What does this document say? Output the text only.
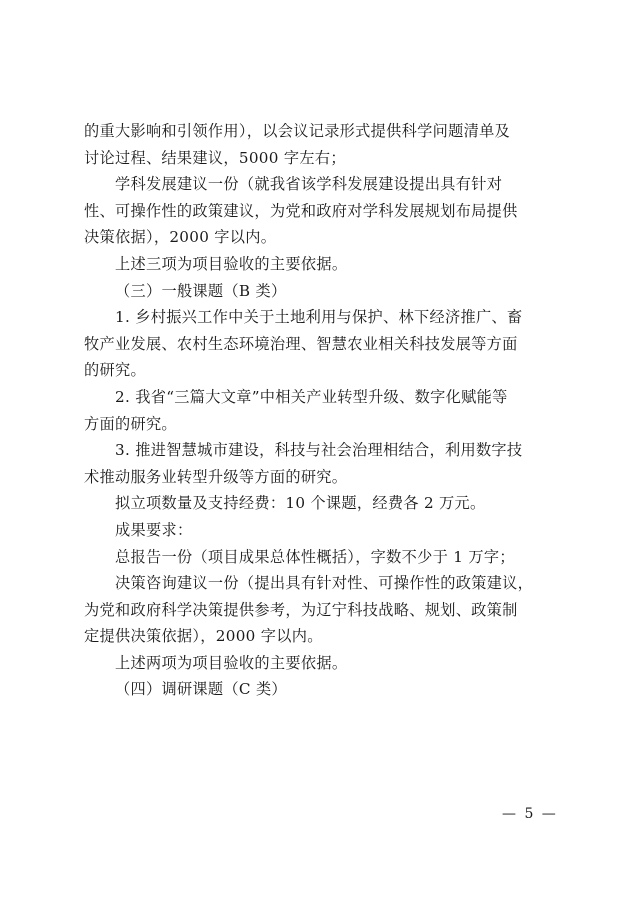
的重大影响和引领作用），以会议记录形式提供科学问题清单及
讨论过程、结果建议，5000 字左右；
学科发展建议一份（就我省该学科发展建设提出具有针对
性、可操作性的政策建议，为党和政府对学科发展规划布局提供
决策依据），2000 字以内。
上述三项为项目验收的主要依据。
（三）一般课题（B 类）
1. 乡村振兴工作中关于土地利用与保护、林下经济推广、畜
牧产业发展、农村生态环境治理、智慧农业相关科技发展等方面
的研究。
2. 我省“三篇大文章”中相关产业转型升级、数字化赋能等
方面的研究。
3. 推进智慧城市建设，科技与社会治理相结合，利用数字技
术推动服务业转型升级等方面的研究。
拟立项数量及支持经费：10 个课题，经费各 2 万元。
成果要求：
总报告一份（项目成果总体性概括），字数不少于 1 万字；
决策咨询建议一份（提出具有针对性、可操作性的政策建议，
为党和政府科学决策提供参考，为辽宁科技战略、规划、政策制
定提供决策依据），2000 字以内。
上述两项为项目验收的主要依据。
（四）调研课题（C 类）
— 5 —
